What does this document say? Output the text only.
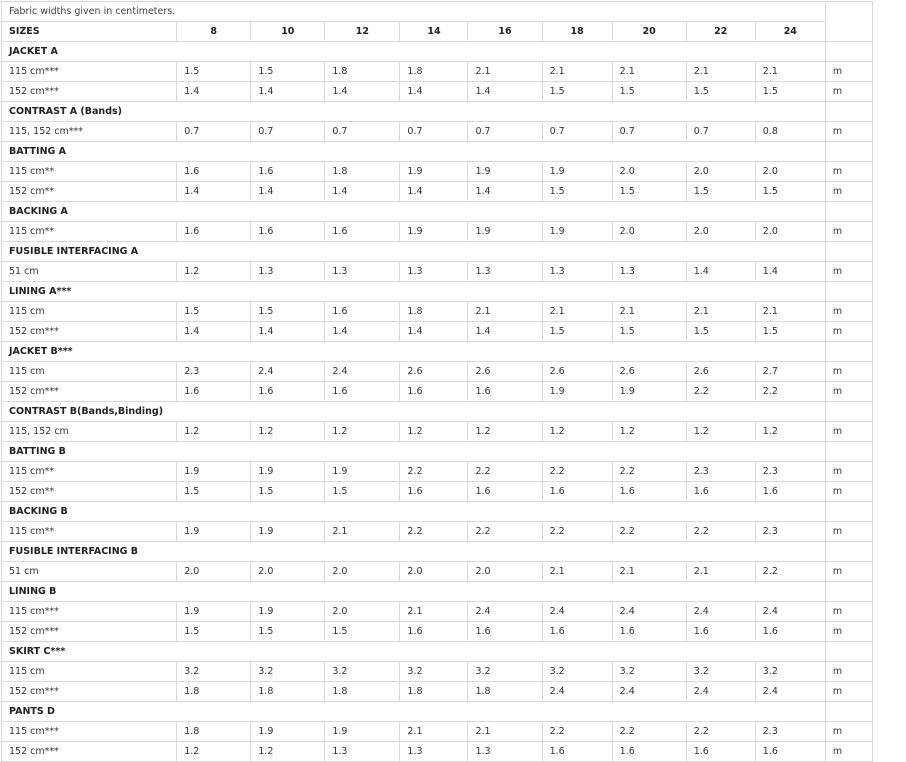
Fabric widths given in centimeters.										
SIZES	8	10	12	14	16	18	20	22	24	
JACKET A										
115 cm***	1.5	1.5	1.8	1.8	2.1	2.1	2.1	2.1	2.1	m
152 cm***	1.4	1.4	1.4	1.4	1.4	1.5	1.5	1.5	1.5	m
CONTRAST A (Bands)										
115, 152 cm***	0.7	0.7	0.7	0.7	0.7	0.7	0.7	0.7	0.8	m
BATTING A										
115 cm**	1.6	1.6	1.8	1.9	1.9	1.9	2.0	2.0	2.0	m
152 cm**	1.4	1.4	1.4	1.4	1.4	1.5	1.5	1.5	1.5	m
BACKING A										
115 cm**	1.6	1.6	1.6	1.9	1.9	1.9	2.0	2.0	2.0	m
FUSIBLE INTERFACING A										
51 cm	1.2	1.3	1.3	1.3	1.3	1.3	1.3	1.4	1.4	m
LINING A***										
115 cm	1.5	1.5	1.6	1.8	2.1	2.1	2.1	2.1	2.1	m
152 cm***	1.4	1.4	1.4	1.4	1.4	1.5	1.5	1.5	1.5	m
JACKET B***										
115 cm	2.3	2.4	2.4	2.6	2.6	2.6	2.6	2.6	2.7	m
152 cm***	1.6	1.6	1.6	1.6	1.6	1.9	1.9	2.2	2.2	m
CONTRAST B(Bands,Binding)										
115, 152 cm	1.2	1.2	1.2	1.2	1.2	1.2	1.2	1.2	1.2	m
BATTING B										
115 cm**	1.9	1.9	1.9	2.2	2.2	2.2	2.2	2.3	2.3	m
152 cm**	1.5	1.5	1.5	1.6	1.6	1.6	1.6	1.6	1.6	m
BACKING B										
115 cm**	1.9	1.9	2.1	2.2	2.2	2.2	2.2	2.2	2.3	m
FUSIBLE INTERFACING B										
51 cm	2.0	2.0	2.0	2.0	2.0	2.1	2.1	2.1	2.2	m
LINING B										
115 cm***	1.9	1.9	2.0	2.1	2.4	2.4	2.4	2.4	2.4	m
152 cm***	1.5	1.5	1.5	1.6	1.6	1.6	1.6	1.6	1.6	m
SKIRT C***										
115 cm	3.2	3.2	3.2	3.2	3.2	3.2	3.2	3.2	3.2	m
152 cm***	1.8	1.8	1.8	1.8	1.8	2.4	2.4	2.4	2.4	m
PANTS D										
115 cm***	1.8	1.9	1.9	2.1	2.1	2.2	2.2	2.2	2.3	m
152 cm***	1.2	1.2	1.3	1.3	1.3	1.6	1.6	1.6	1.6	m
